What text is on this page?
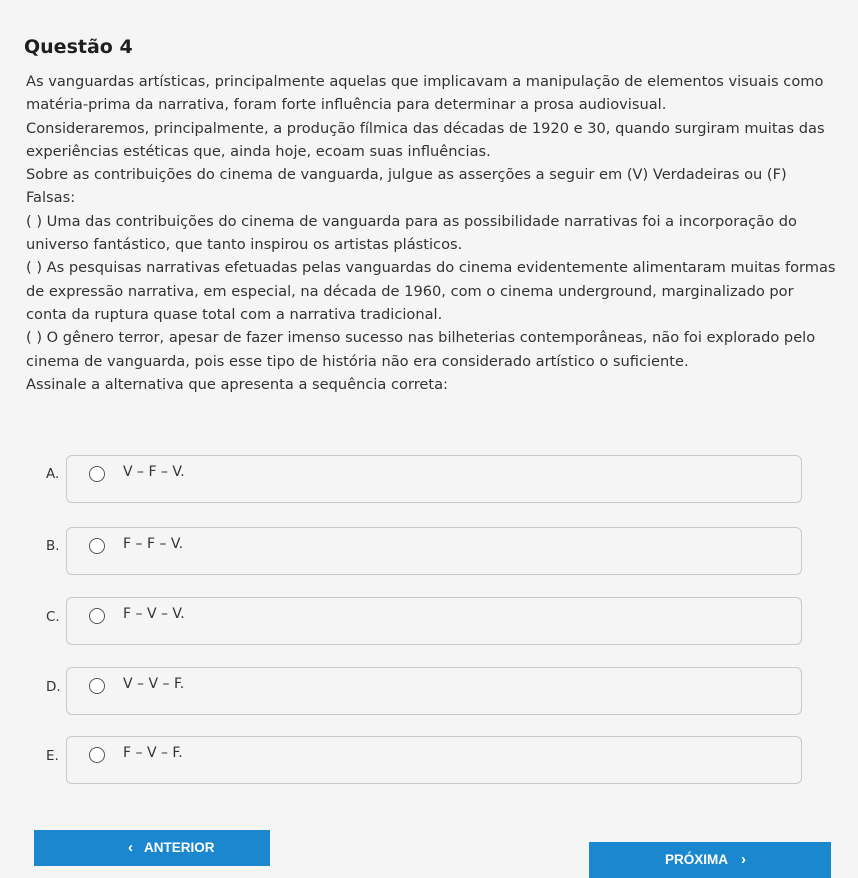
Questão 4

As vanguardas artísticas, principalmente aquelas que implicavam a manipulação de elementos visuais como matéria-prima da narrativa, foram forte influência para determinar a prosa audiovisual.

Consideraremos, principalmente, a produção fílmica das décadas de 1920 e 30, quando surgiram muitas das experiências estéticas que, ainda hoje, ecoam suas influências.

Sobre as contribuições do cinema de vanguarda, julgue as asserções a seguir em (V) Verdadeiras ou (F) Falsas:

( ) Uma das contribuições do cinema de vanguarda para as possibilidade narrativas foi a incorporação do universo fantástico, que tanto inspirou os artistas plásticos.

( ) As pesquisas narrativas efetuadas pelas vanguardas do cinema evidentemente alimentaram muitas formas de expressão narrativa, em especial, na década de 1960, com o cinema underground, marginalizado por conta da ruptura quase total com a narrativa tradicional.

( ) O gênero terror, apesar de fazer imenso sucesso nas bilheterias contemporâneas, não foi explorado pelo cinema de vanguarda, pois esse tipo de história não era considerado artístico o suficiente.

Assinale a alternativa que apresenta a sequência correta:

A.	V – F – V.
B.	F – F – V.
C.	F – V – V.
D.	V – V – F.
E.	F – V – F.
‹ ANTERIOR
PRÓXIMA ›
